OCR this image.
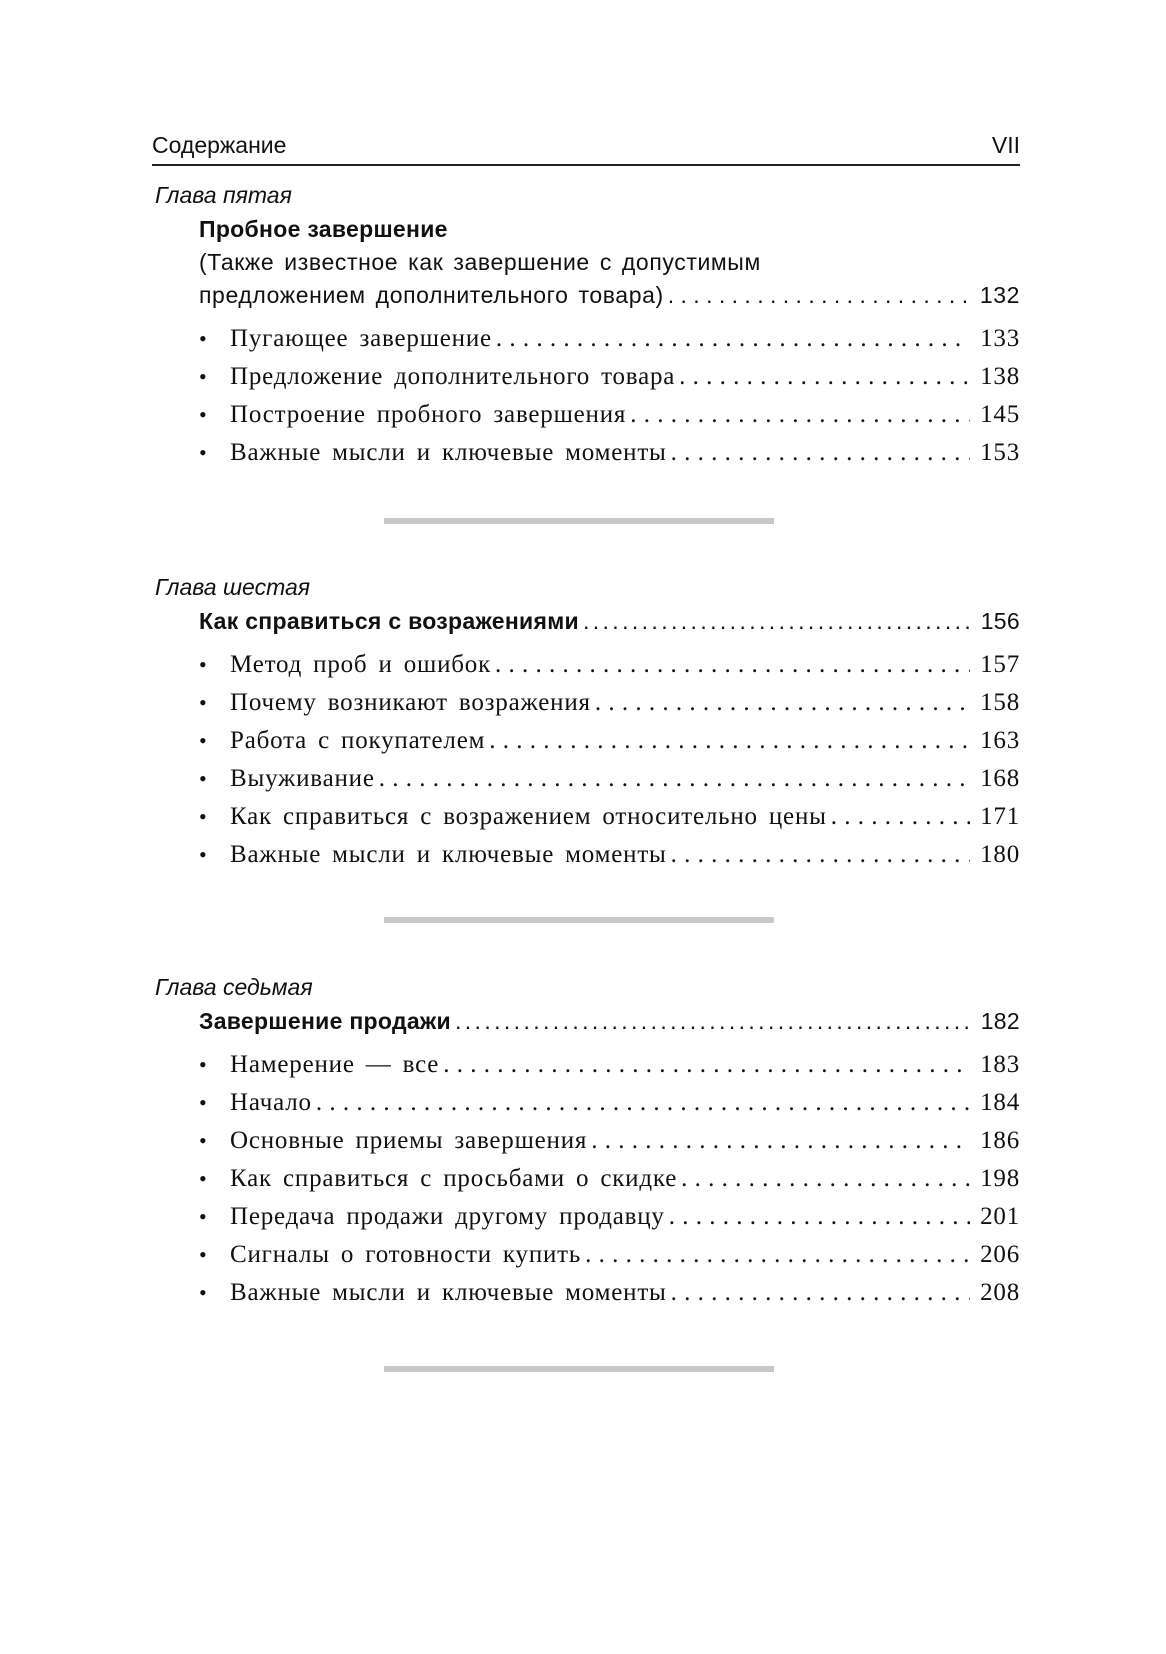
Содержание	VII
Глава пятая
Пробное завершение
(Также известное как завершение с допустимым
предложением дополнительного товара) . . .	132
• Пугающее завершение . . .	133
• Предложение дополнительного товара . . .	138
• Построение пробного завершения . . .	145
• Важные мысли и ключевые моменты . . .	153
Глава шестая
Как справиться с возражениями . . .	156
• Метод проб и ошибок . . .	157
• Почему возникают возражения . . .	158
• Работа с покупателем . . .	163
• Выуживание . . .	168
• Как справиться с возражением относительно цены . . .	171
• Важные мысли и ключевые моменты . . .	180
Глава седьмая
Завершение продажи . . .	182
• Намерение — все . . .	183
• Начало . . .	184
• Основные приемы завершения . . .	186
• Как справиться с просьбами о скидке . . .	198
• Передача продажи другому продавцу . . .	201
• Сигналы о готовности купить . . .	206
• Важные мысли и ключевые моменты . . .	208
